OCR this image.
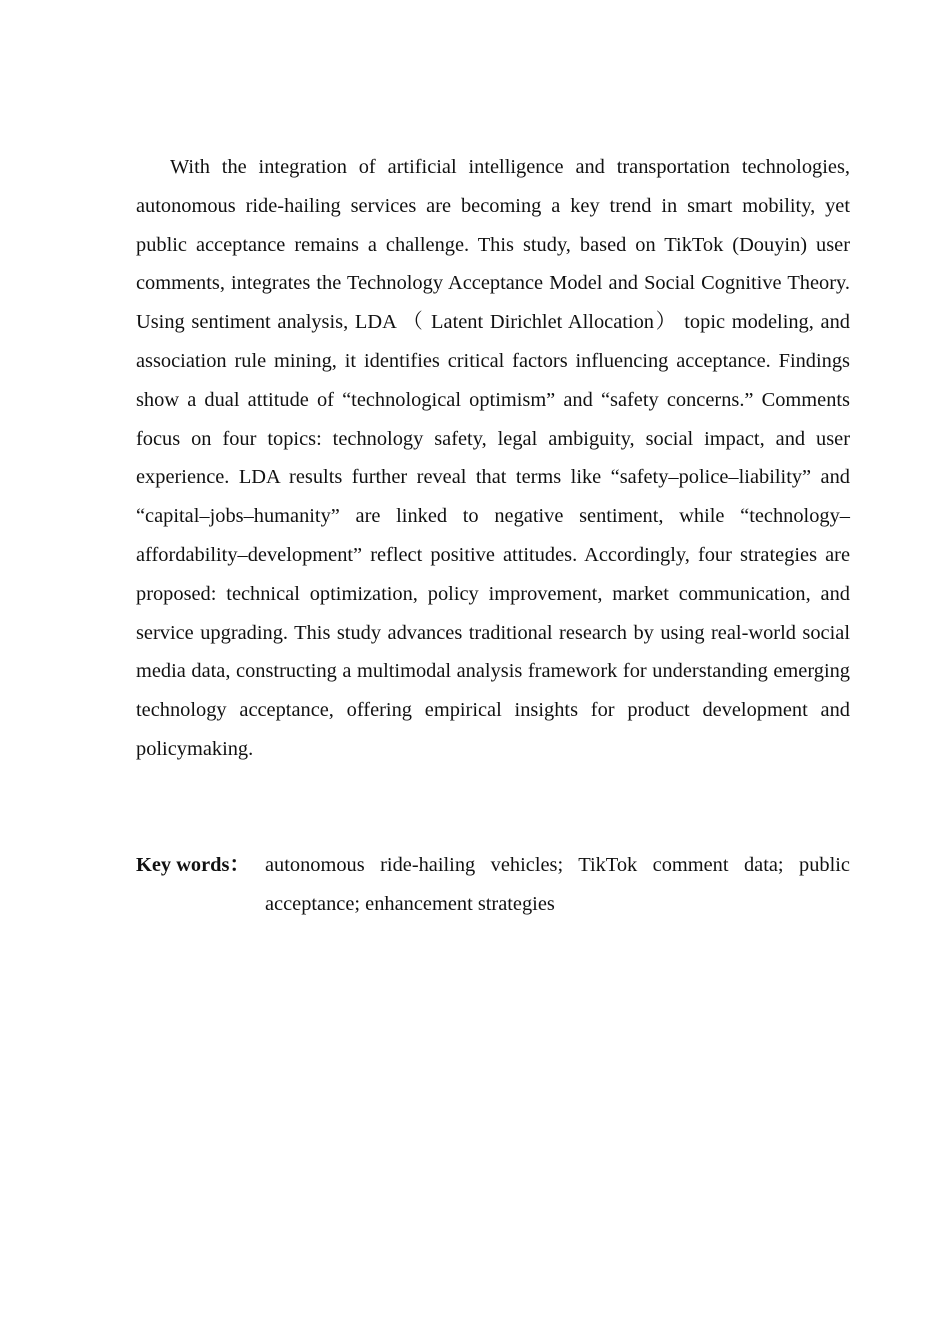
With the integration of artificial intelligence and transportation technologies, autonomous ride-hailing services are becoming a key trend in smart mobility, yet public acceptance remains a challenge. This study, based on TikTok (Douyin) user comments, integrates the Technology Acceptance Model and Social Cognitive Theory. Using sentiment analysis, LDA （ Latent Dirichlet Allocation） topic modeling, and association rule mining, it identifies critical factors influencing acceptance. Findings show a dual attitude of “technological optimism” and “safety concerns.” Comments focus on four topics: technology safety, legal ambiguity, social impact, and user experience. LDA results further reveal that terms like “safety–police–liability” and “capital–jobs–humanity” are linked to negative sentiment, while “technology–affordability–development” reflect positive attitudes. Accordingly, four strategies are proposed: technical optimization, policy improvement, market communication, and service upgrading. This study advances traditional research by using real-world social media data, constructing a multimodal analysis framework for understanding emerging technology acceptance, offering empirical insights for product development and policymaking.

Key words： autonomous ride-hailing vehicles; TikTok comment data; public acceptance; enhancement strategies
